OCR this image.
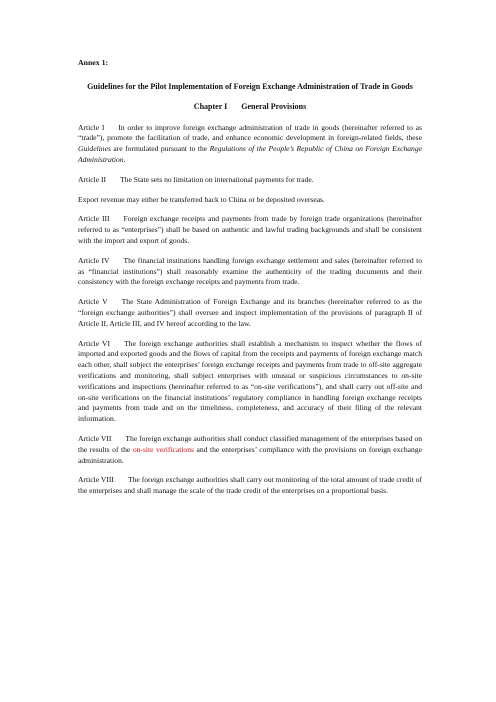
Annex 1:
Guidelines for the Pilot Implementation of Foreign Exchange Administration of Trade in Goods
Chapter I General Provisions

Article I In order to improve foreign exchange administration of trade in goods (hereinafter referred to as “trade”), promote the facilitation of trade, and enhance economic development in foreign-related fields, these Guidelines are formulated pursuant to the Regulations of the People’s Republic of China on Foreign Exchange Administration.

Article II The State sets no limitation on international payments for trade.

Export revenue may either be transferred back to China or be deposited overseas.

Article III Foreign exchange receipts and payments from trade by foreign trade organizations (hereinafter referred to as “enterprises”) shall be based on authentic and lawful trading backgrounds and shall be consistent with the import and export of goods.

Article IV The financial institutions handling foreign exchange settlement and sales (hereinafter referred to as “financial institutions”) shall reasonably examine the authenticity of the trading documents and their consistency with the foreign exchange receipts and payments from trade.

Article V The State Administration of Foreign Exchange and its branches (hereinafter referred to as the “foreign exchange authorities”) shall oversee and inspect implementation of the provisions of paragraph II of Article II, Article III, and IV hereof according to the law.

Article VI The foreign exchange authorities shall establish a mechanism to inspect whether the flows of imported and exported goods and the flows of capital from the receipts and payments of foreign exchange match each other, shall subject the enterprises’ foreign exchange receipts and payments from trade to off-site aggregate verifications and monitoring, shall subject enterprises with unusual or suspicious circumstances to on-site verifications and inspections (hereinafter referred to as “on-site verifications”), and shall carry out off-site and on-site verifications on the financial institutions’ regulatory compliance in handling foreign exchange receipts and payments from trade and on the timeliness, completeness, and accuracy of their filing of the relevant information.

Article VII The foreign exchange authorities shall conduct classified management of the enterprises based on the results of the on-site verifications and the enterprises’ compliance with the provisions on foreign exchange administration.

Article VIII The foreign exchange authorities shall carry out monitoring of the total amount of trade credit of the enterprises and shall manage the scale of the trade credit of the enterprises on a proportional basis.
